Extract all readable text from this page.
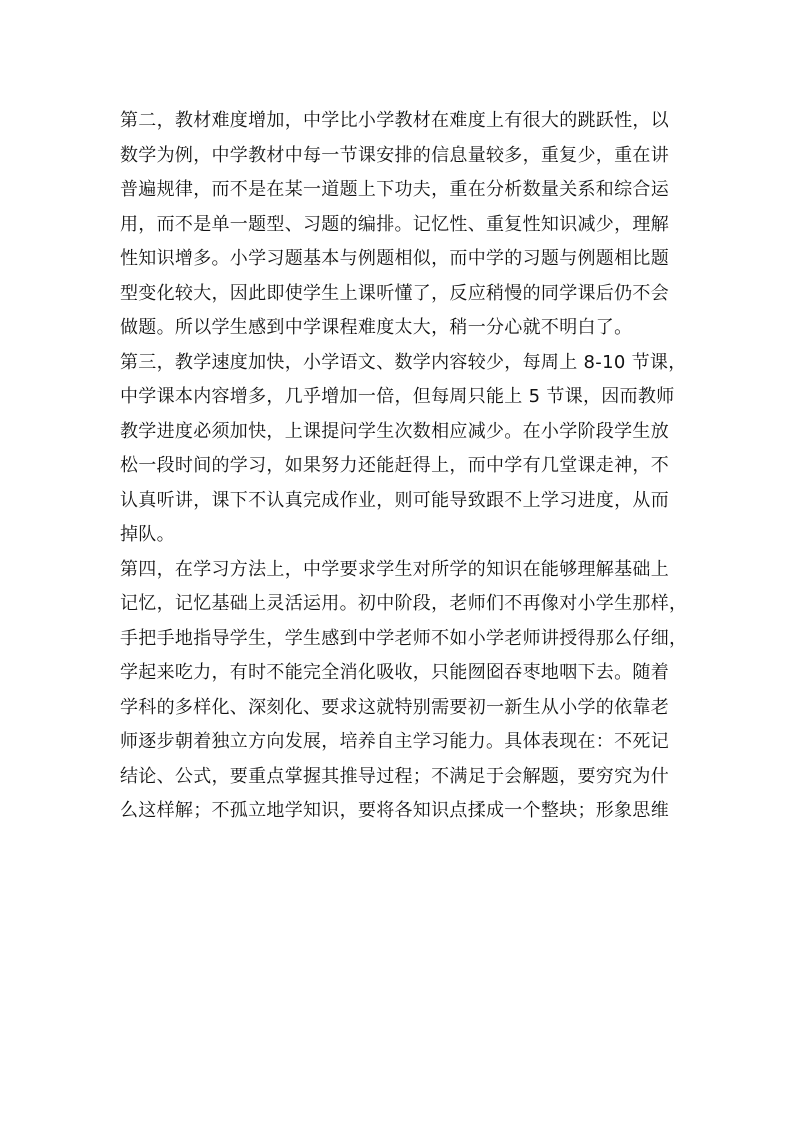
第二，教材难度增加，中学比小学教材在难度上有很大的跳跃性，以
数学为例，中学教材中每一节课安排的信息量较多，重复少，重在讲
普遍规律，而不是在某一道题上下功夫，重在分析数量关系和综合运
用，而不是单一题型、习题的编排。记忆性、重复性知识减少，理解
性知识增多。小学习题基本与例题相似，而中学的习题与例题相比题
型变化较大，因此即使学生上课听懂了，反应稍慢的同学课后仍不会
做题。所以学生感到中学课程难度太大，稍一分心就不明白了。
第三，教学速度加快，小学语文、数学内容较少，每周上 8-10 节课，
中学课本内容增多，几乎增加一倍，但每周只能上 5 节课，因而教师
教学进度必须加快，上课提问学生次数相应减少。在小学阶段学生放
松一段时间的学习，如果努力还能赶得上，而中学有几堂课走神，不
认真听讲，课下不认真完成作业，则可能导致跟不上学习进度，从而
掉队。
第四，在学习方法上，中学要求学生对所学的知识在能够理解基础上
记忆，记忆基础上灵活运用。初中阶段，老师们不再像对小学生那样，
手把手地指导学生，学生感到中学老师不如小学老师讲授得那么仔细，
学起来吃力，有时不能完全消化吸收，只能囫囵吞枣地咽下去。随着
学科的多样化、深刻化、要求这就特别需要初一新生从小学的依靠老
师逐步朝着独立方向发展，培养自主学习能力。具体表现在：不死记
结论、公式，要重点掌握其推导过程；不满足于会解题，要穷究为什
么这样解；不孤立地学知识，要将各知识点揉成一个整块；形象思维
